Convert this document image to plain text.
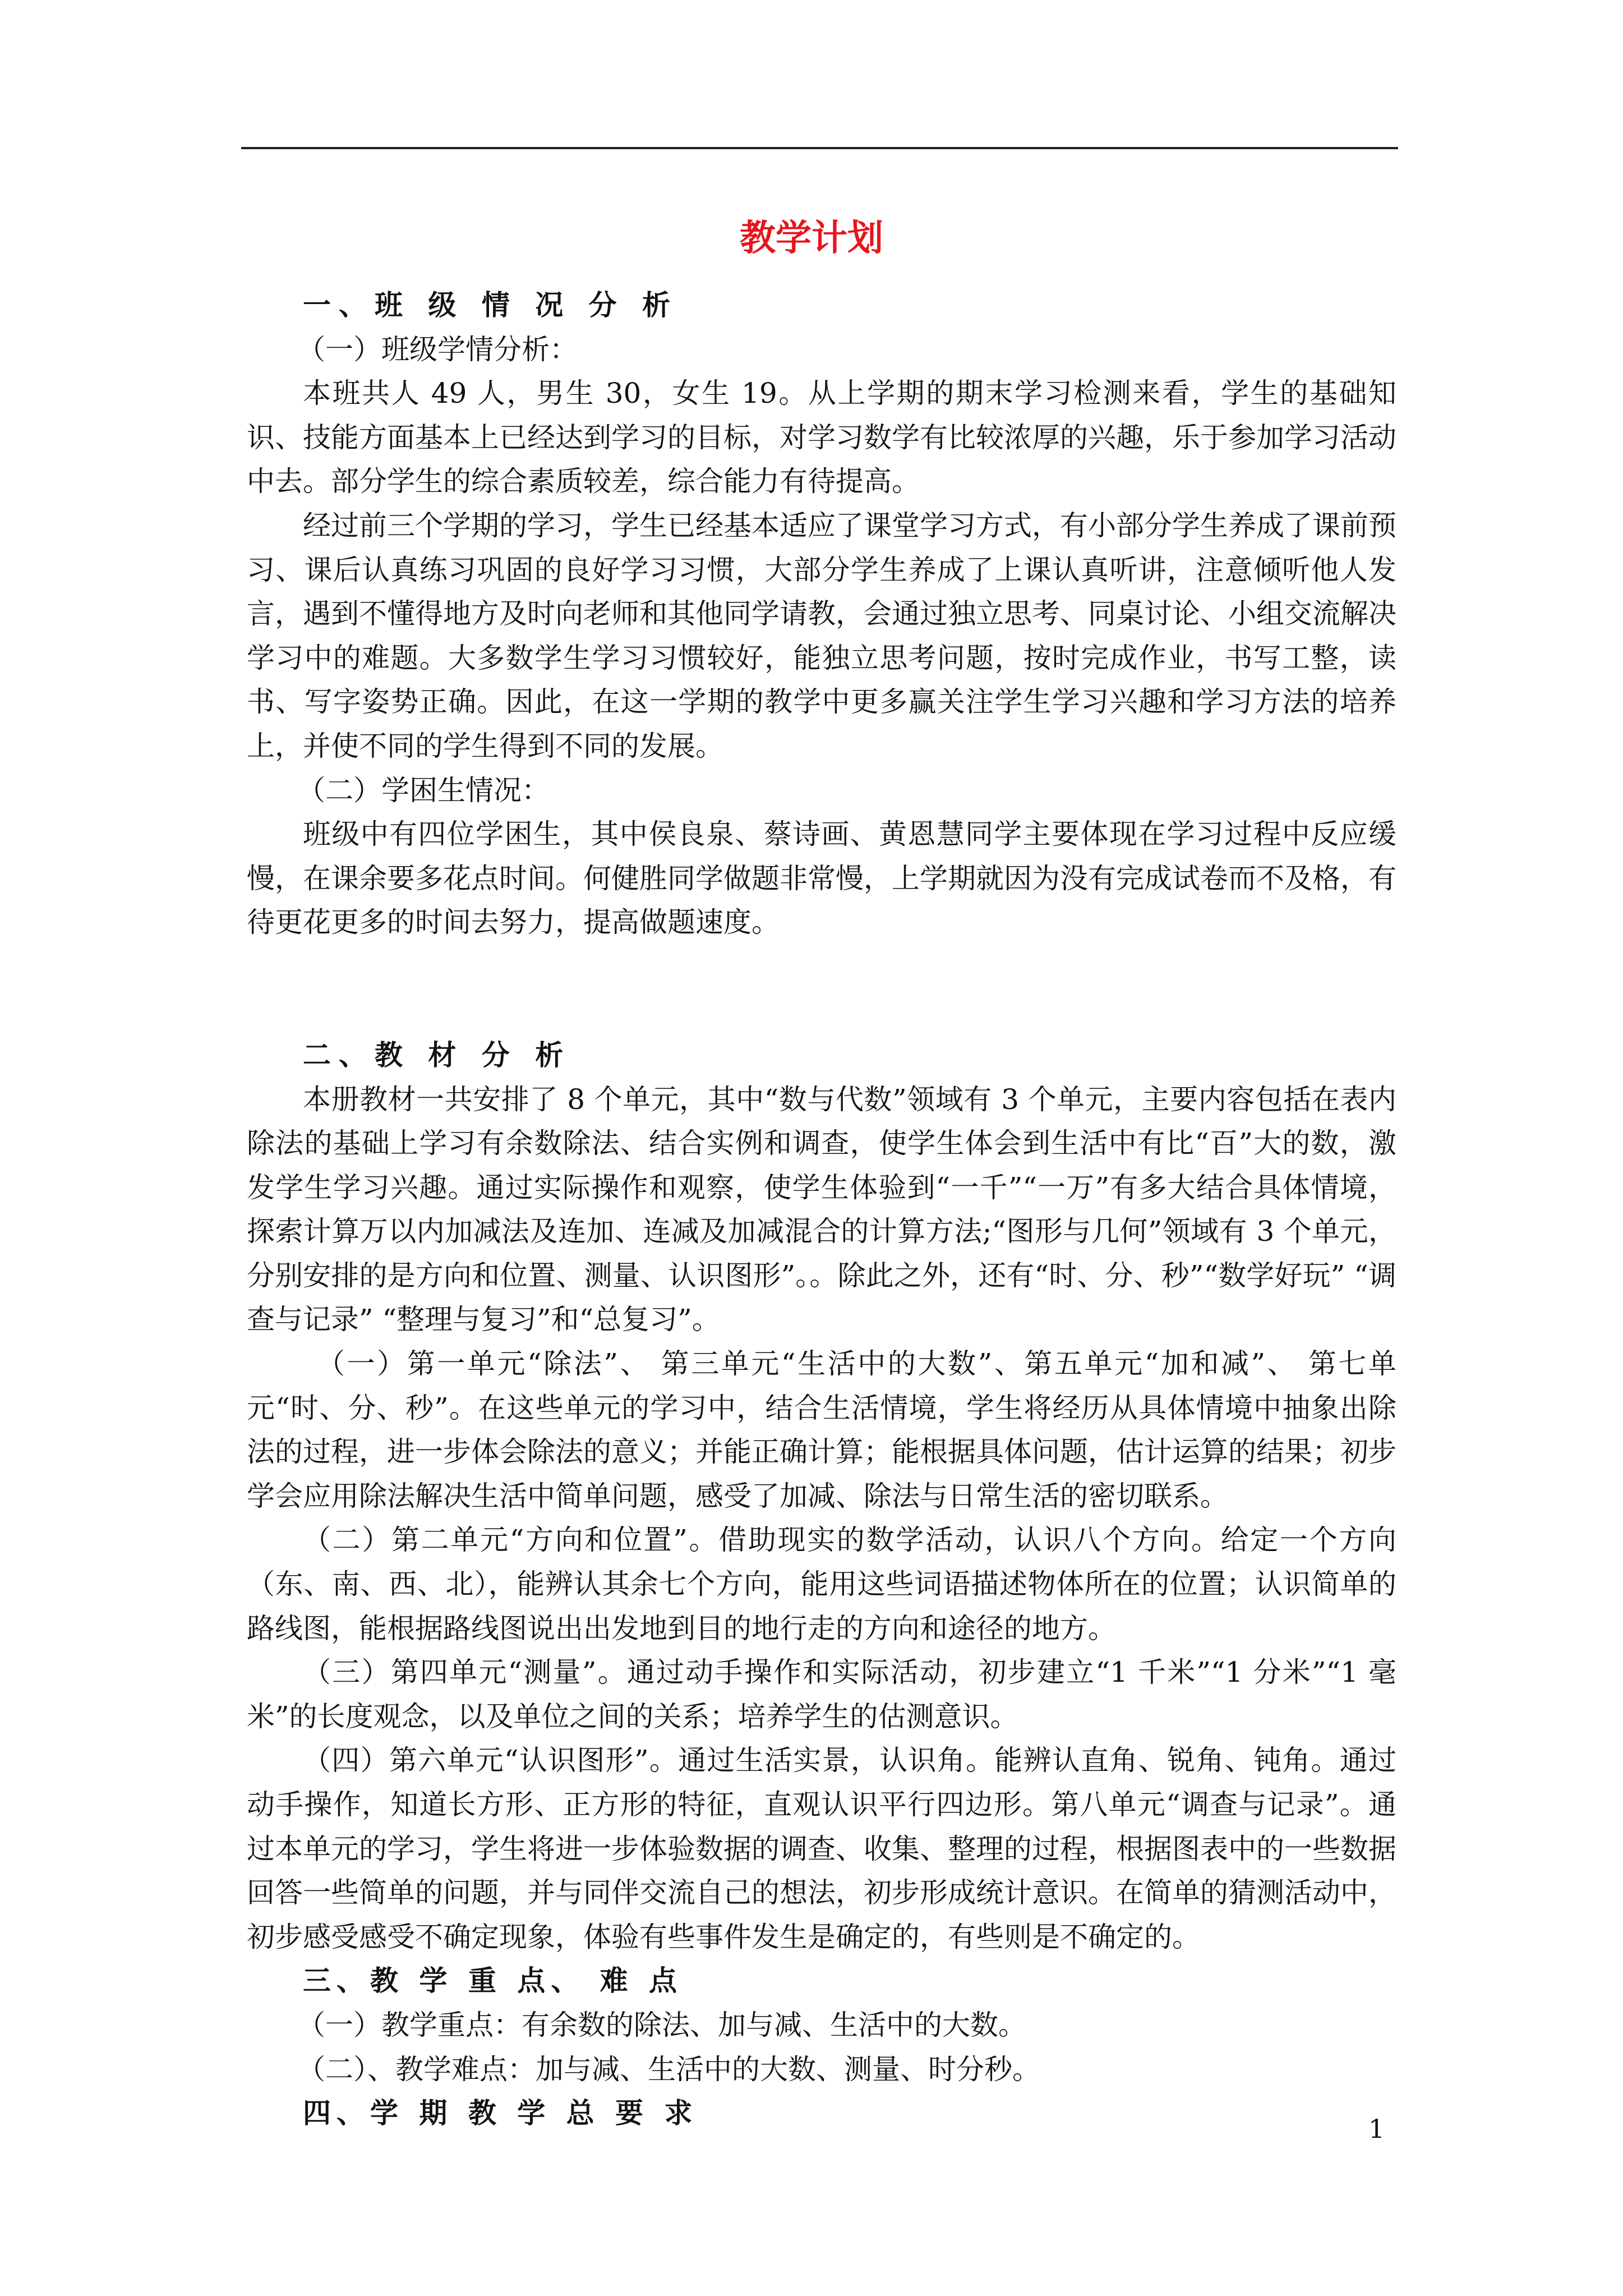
教学计划
一、班 级 情 况 分 析

（一）班级学情分析：

本班共人 49 人，男生 30，女生 19。从上学期的期末学习检测来看，学生的基础知识、技能方面基本上已经达到学习的目标，对学习数学有比较浓厚的兴趣，乐于参加学习活动中去。部分学生的综合素质较差，综合能力有待提高。

经过前三个学期的学习，学生已经基本适应了课堂学习方式，有小部分学生养成了课前预习、课后认真练习巩固的良好学习习惯，大部分学生养成了上课认真听讲，注意倾听他人发言，遇到不懂得地方及时向老师和其他同学请教，会通过独立思考、同桌讨论、小组交流解决学习中的难题。大多数学生学习习惯较好，能独立思考问题，按时完成作业，书写工整，读书、写字姿势正确。因此，在这一学期的教学中更多赢关注学生学习兴趣和学习方法的培养上，并使不同的学生得到不同的发展。

（二）学困生情况：

班级中有四位学困生，其中侯良泉、蔡诗画、黄恩慧同学主要体现在学习过程中反应缓慢，在课余要多花点时间。何健胜同学做题非常慢，上学期就因为没有完成试卷而不及格，有待更花更多的时间去努力，提高做题速度。

二、教 材 分 析

本册教材一共安排了 8 个单元，其中“数与代数”领域有 3 个单元，主要内容包括在表内除法的基础上学习有余数除法、结合实例和调查，使学生体会到生活中有比“百”大的数，激发学生学习兴趣。通过实际操作和观察，使学生体验到“一千”“一万”有多大结合具体情境，探索计算万以内加减法及连加、连减及加减混合的计算方法;“图形与几何”领域有 3 个单元，分别安排的是方向和位置、测量、认识图形”。。除此之外，还有“时、分、秒”“数学好玩” “调查与记录” “整理与复习”和“总复习”。

（一）第一单元“除法”、 第三单元“生活中的大数”、第五单元“加和减”、 第七单元“时、分、秒”。在这些单元的学习中，结合生活情境，学生将经历从具体情境中抽象出除法的过程，进一步体会除法的意义；并能正确计算；能根据具体问题，估计运算的结果；初步学会应用除法解决生活中简单问题，感受了加减、除法与日常生活的密切联系。

（二）第二单元“方向和位置”。借助现实的数学活动，认识八个方向。给定一个方向（东、南、西、北），能辨认其余七个方向，能用这些词语描述物体所在的位置；认识简单的路线图，能根据路线图说出出发地到目的地行走的方向和途径的地方。

（三）第四单元“测量”。通过动手操作和实际活动，初步建立“1 千米”“1 分米”“1 毫米”的长度观念，以及单位之间的关系；培养学生的估测意识。

（四）第六单元“认识图形”。通过生活实景，认识角。能辨认直角、锐角、钝角。通过动手操作，知道长方形、正方形的特征，直观认识平行四边形。第八单元“调查与记录”。通过本单元的学习，学生将进一步体验数据的调查、收集、整理的过程，根据图表中的一些数据回答一些简单的问题，并与同伴交流自己的想法，初步形成统计意识。在简单的猜测活动中，初步感受感受不确定现象，体验有些事件发生是确定的，有些则是不确定的。

三、教 学 重 点、 难 点

（一）教学重点：有余数的除法、加与减、生活中的大数。

（二）、教学难点：加与减、生活中的大数、测量、时分秒。

四、学 期 教 学 总 要 求	1
